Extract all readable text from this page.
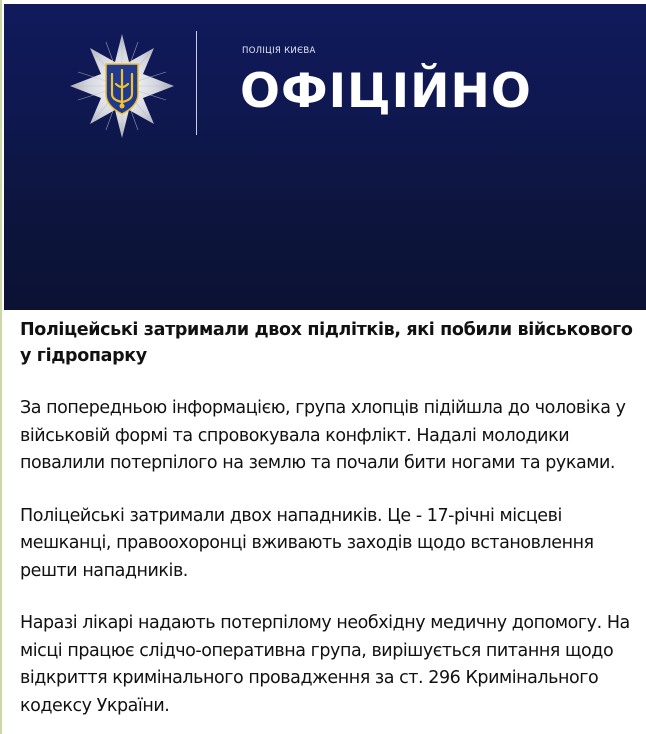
ПОЛІЦІЯ КИЄВА
ОФІЦІЙНО

Поліцейські затримали двох підлітків, які побили військового у гідропарку

За попередньою інформацією, група хлопців підійшла до чоловіка у військовій формі та спровокувала конфлікт. Надалі молодики повалили потерпілого на землю та почали бити ногами та руками.

Поліцейські затримали двох нападників. Це - 17-річні місцеві мешканці, правоохоронці вживають заходів щодо встановлення решти нападників.

Наразі лікарі надають потерпілому необхідну медичну допомогу. На місці працює слідчо-оперативна група, вирішується питання щодо відкриття кримінального провадження за ст. 296 Кримінального кодексу України.
